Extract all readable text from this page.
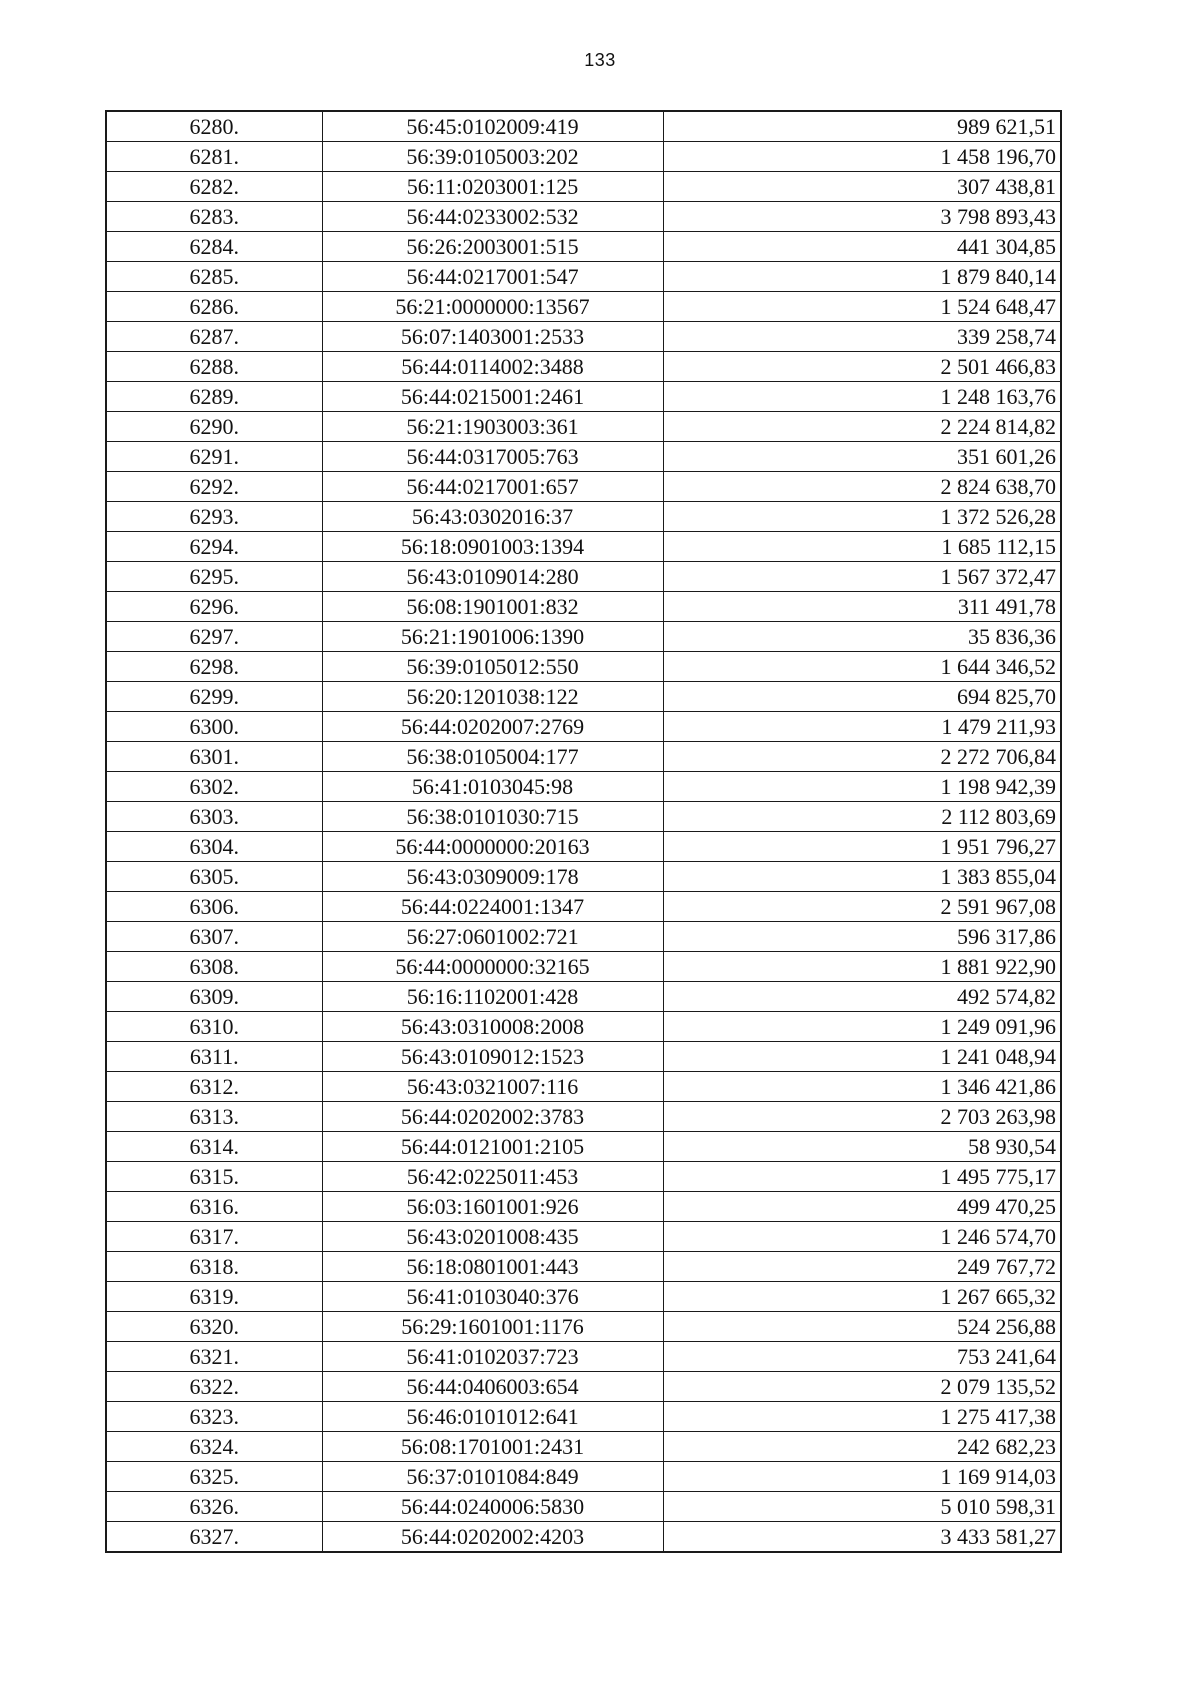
133
6280.	56:45:0102009:419	989 621,51
6281.	56:39:0105003:202	1 458 196,70
6282.	56:11:0203001:125	307 438,81
6283.	56:44:0233002:532	3 798 893,43
6284.	56:26:2003001:515	441 304,85
6285.	56:44:0217001:547	1 879 840,14
6286.	56:21:0000000:13567	1 524 648,47
6287.	56:07:1403001:2533	339 258,74
6288.	56:44:0114002:3488	2 501 466,83
6289.	56:44:0215001:2461	1 248 163,76
6290.	56:21:1903003:361	2 224 814,82
6291.	56:44:0317005:763	351 601,26
6292.	56:44:0217001:657	2 824 638,70
6293.	56:43:0302016:37	1 372 526,28
6294.	56:18:0901003:1394	1 685 112,15
6295.	56:43:0109014:280	1 567 372,47
6296.	56:08:1901001:832	311 491,78
6297.	56:21:1901006:1390	35 836,36
6298.	56:39:0105012:550	1 644 346,52
6299.	56:20:1201038:122	694 825,70
6300.	56:44:0202007:2769	1 479 211,93
6301.	56:38:0105004:177	2 272 706,84
6302.	56:41:0103045:98	1 198 942,39
6303.	56:38:0101030:715	2 112 803,69
6304.	56:44:0000000:20163	1 951 796,27
6305.	56:43:0309009:178	1 383 855,04
6306.	56:44:0224001:1347	2 591 967,08
6307.	56:27:0601002:721	596 317,86
6308.	56:44:0000000:32165	1 881 922,90
6309.	56:16:1102001:428	492 574,82
6310.	56:43:0310008:2008	1 249 091,96
6311.	56:43:0109012:1523	1 241 048,94
6312.	56:43:0321007:116	1 346 421,86
6313.	56:44:0202002:3783	2 703 263,98
6314.	56:44:0121001:2105	58 930,54
6315.	56:42:0225011:453	1 495 775,17
6316.	56:03:1601001:926	499 470,25
6317.	56:43:0201008:435	1 246 574,70
6318.	56:18:0801001:443	249 767,72
6319.	56:41:0103040:376	1 267 665,32
6320.	56:29:1601001:1176	524 256,88
6321.	56:41:0102037:723	753 241,64
6322.	56:44:0406003:654	2 079 135,52
6323.	56:46:0101012:641	1 275 417,38
6324.	56:08:1701001:2431	242 682,23
6325.	56:37:0101084:849	1 169 914,03
6326.	56:44:0240006:5830	5 010 598,31
6327.	56:44:0202002:4203	3 433 581,27
